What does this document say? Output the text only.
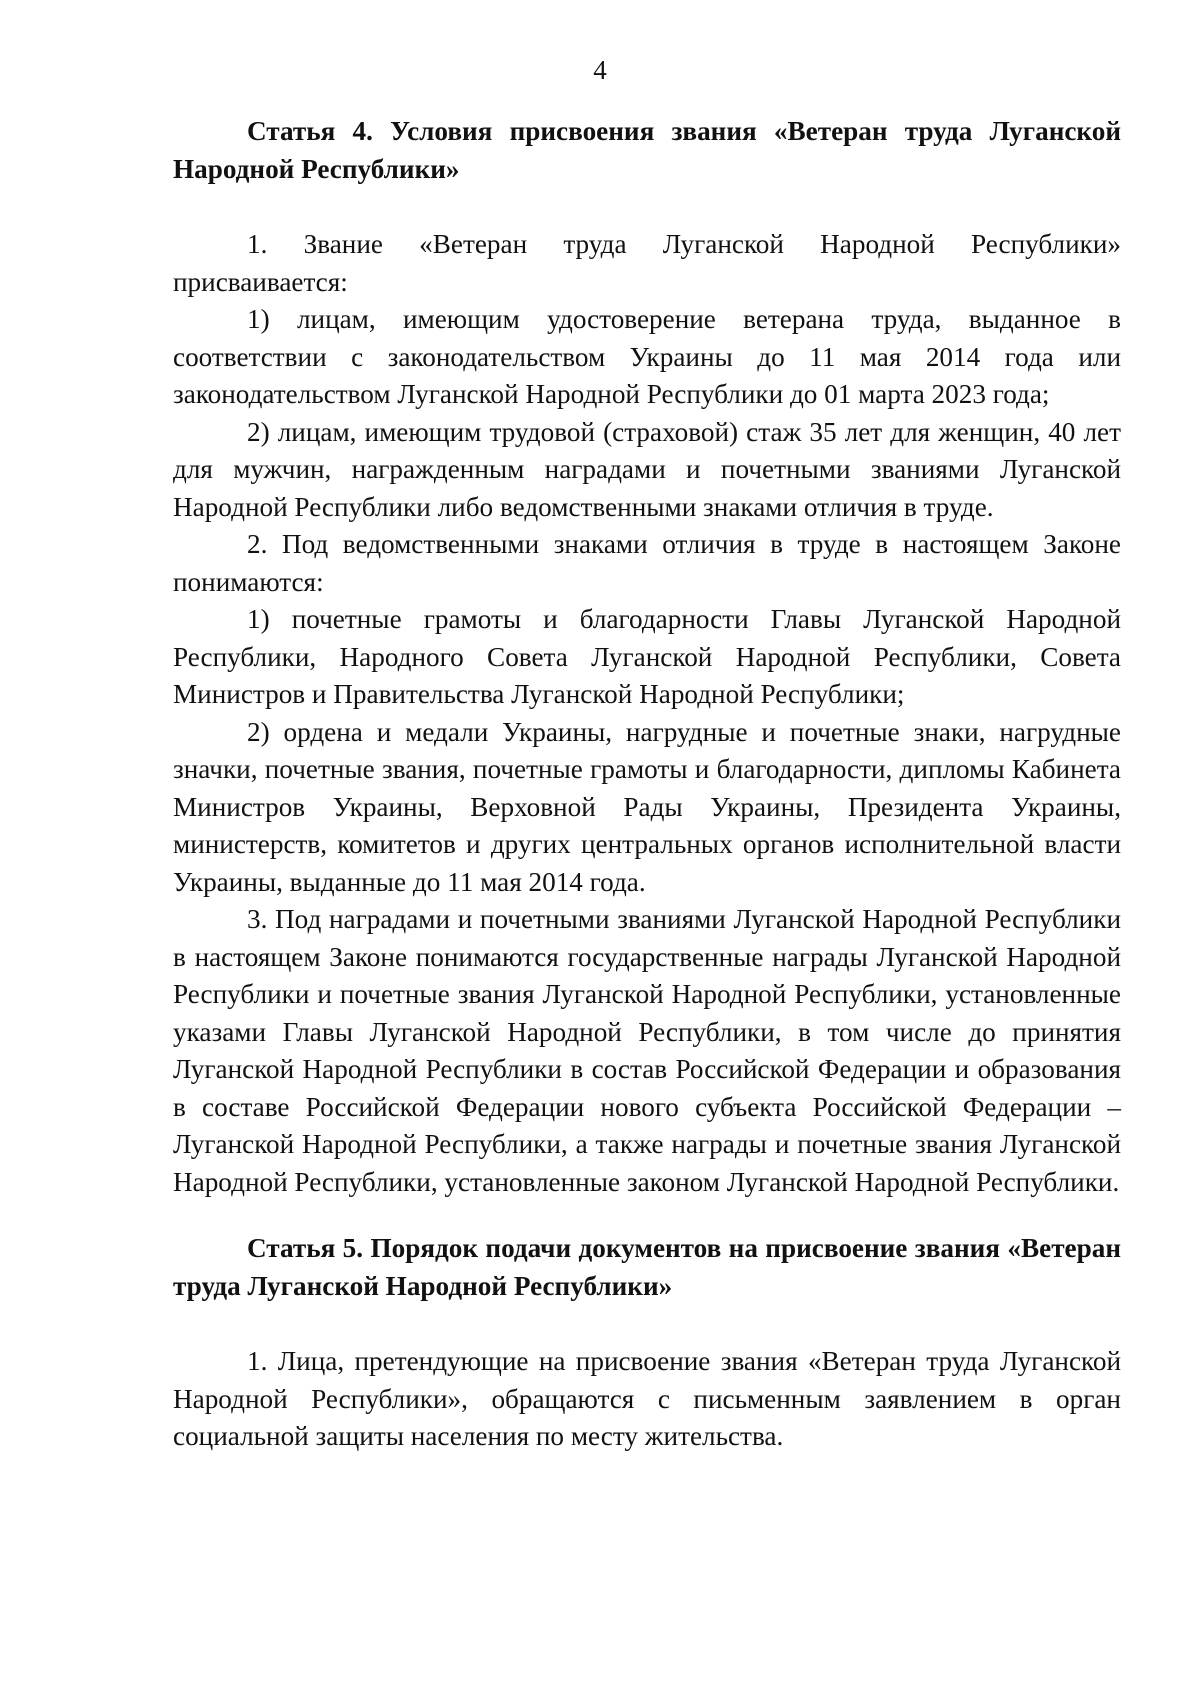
4

Статья 4. Условия присвоения звания «Ветеран труда Луганской Народной Республики»

1. Звание «Ветеран труда Луганской Народной Республики» присваивается:

1) лицам, имеющим удостоверение ветерана труда, выданное в соответствии с законодательством Украины до 11 мая 2014 года или законодательством Луганской Народной Республики до 01 марта 2023 года;

2) лицам, имеющим трудовой (страховой) стаж 35 лет для женщин, 40 лет для мужчин, награжденным наградами и почетными званиями Луганской Народной Республики либо ведомственными знаками отличия в труде.

2. Под ведомственными знаками отличия в труде в настоящем Законе понимаются:

1) почетные грамоты и благодарности Главы Луганской Народной Республики, Народного Совета Луганской Народной Республики, Совета Министров и Правительства Луганской Народной Республики;

2) ордена и медали Украины, нагрудные и почетные знаки, нагрудные значки, почетные звания, почетные грамоты и благодарности, дипломы Кабинета Министров Украины, Верховной Рады Украины, Президента Украины, министерств, комитетов и других центральных органов исполнительной власти Украины, выданные до 11 мая 2014 года.

3. Под наградами и почетными званиями Луганской Народной Республики в настоящем Законе понимаются государственные награды Луганской Народной Республики и почетные звания Луганской Народной Республики, установленные указами Главы Луганской Народной Республики, в том числе до принятия Луганской Народной Республики в состав Российской Федерации и образования в составе Российской Федерации нового субъекта Российской Федерации – Луганской Народной Республики, а также награды и почетные звания Луганской Народной Республики, установленные законом Луганской Народной Республики.

Статья 5. Порядок подачи документов на присвоение звания «Ветеран труда Луганской Народной Республики»

1. Лица, претендующие на присвоение звания «Ветеран труда Луганской Народной Республики», обращаются с письменным заявлением в орган социальной защиты населения по месту жительства.
